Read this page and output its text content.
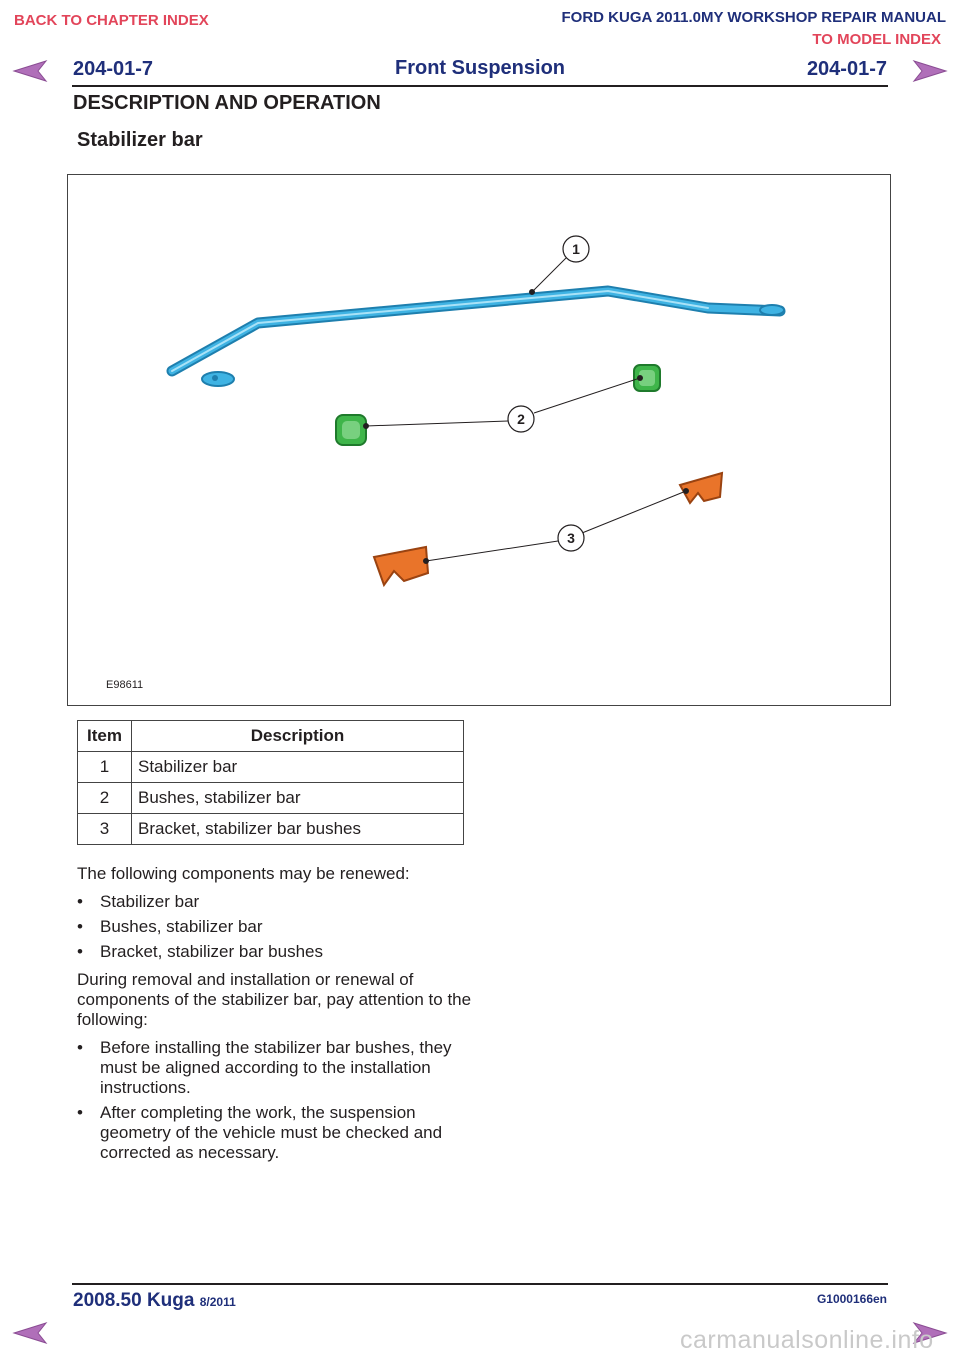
BACK TO CHAPTER INDEX	FORD KUGA 2011.0MY WORKSHOP REPAIR MANUAL
TO MODEL INDEX
204-01-7	Front Suspension	204-01-7
DESCRIPTION AND OPERATION
Stabilizer bar
1
2
3
E98611
Item	Description
1	Stabilizer bar
2	Bushes, stabilizer bar
3	Bracket, stabilizer bar bushes

The following components may be renewed:

• Stabilizer bar
• Bushes, stabilizer bar
• Bracket, stabilizer bar bushes

During removal and installation or renewal of components of the stabilizer bar, pay attention to the following:

• Before installing the stabilizer bar bushes, they must be aligned according to the installation instructions.
• After completing the work, the suspension geometry of the vehicle must be checked and corrected as necessary.
2008.50 Kuga 8/2011	G1000166en
carmanualsonline.info
